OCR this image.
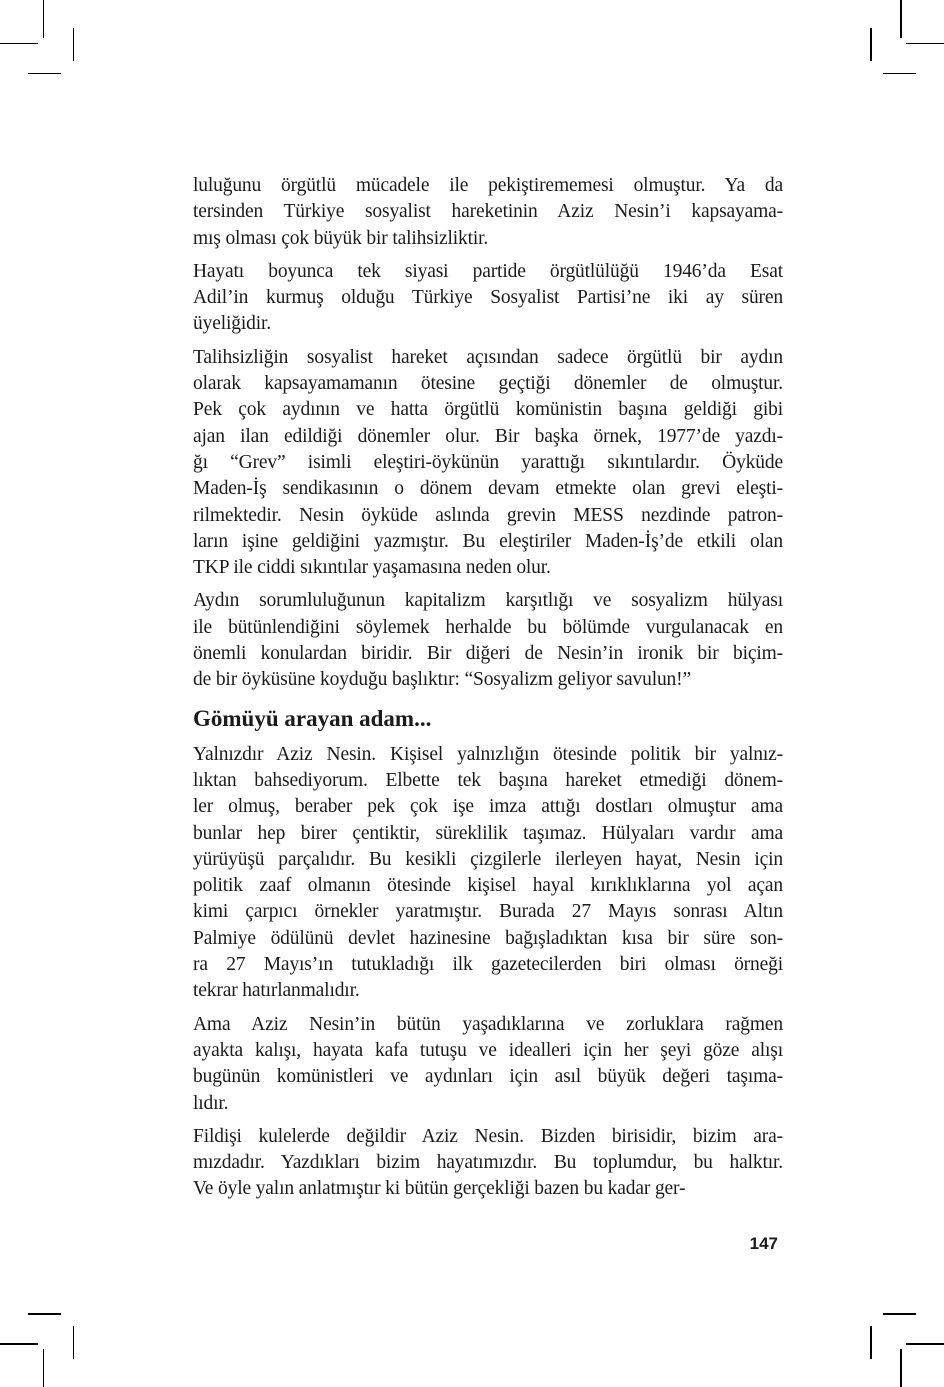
luluğunu örgütlü mücadele ile pekiştirememesi olmuştur. Ya da
tersinden Türkiye sosyalist hareketinin Aziz Nesin’i kapsayama-
mış olması çok büyük bir talihsizliktir.
Hayatı boyunca tek siyasi partide örgütlülüğü 1946’da Esat
Adil’in kurmuş olduğu Türkiye Sosyalist Partisi’ne iki ay süren
üyeliğidir.
Talihsizliğin sosyalist hareket açısından sadece örgütlü bir aydın
olarak kapsayamamanın ötesine geçtiği dönemler de olmuştur.
Pek çok aydının ve hatta örgütlü komünistin başına geldiği gibi
ajan ilan edildiği dönemler olur. Bir başka örnek, 1977’de yazdı-
ğı “Grev” isimli eleştiri-öykünün yarattığı sıkıntılardır. Öyküde
Maden-İş sendikasının o dönem devam etmekte olan grevi eleşti-
rilmektedir. Nesin öyküde aslında grevin MESS nezdinde patron-
ların işine geldiğini yazmıştır. Bu eleştiriler Maden-İş’de etkili olan
TKP ile ciddi sıkıntılar yaşamasına neden olur.
Aydın sorumluluğunun kapitalizm karşıtlığı ve sosyalizm hülyası
ile bütünlendiğini söylemek herhalde bu bölümde vurgulanacak en
önemli konulardan biridir. Bir diğeri de Nesin’in ironik bir biçim-
de bir öyküsüne koyduğu başlıktır: “Sosyalizm geliyor savulun!”
Gömüyü arayan adam...
Yalnızdır Aziz Nesin. Kişisel yalnızlığın ötesinde politik bir yalnız-
lıktan bahsediyorum. Elbette tek başına hareket etmediği dönem-
ler olmuş, beraber pek çok işe imza attığı dostları olmuştur ama
bunlar hep birer çentiktir, süreklilik taşımaz. Hülyaları vardır ama
yürüyüşü parçalıdır. Bu kesikli çizgilerle ilerleyen hayat, Nesin için
politik zaaf olmanın ötesinde kişisel hayal kırıklıklarına yol açan
kimi çarpıcı örnekler yaratmıştır. Burada 27 Mayıs sonrası Altın
Palmiye ödülünü devlet hazinesine bağışladıktan kısa bir süre son-
ra 27 Mayıs’ın tutukladığı ilk gazetecilerden biri olması örneği
tekrar hatırlanmalıdır.
Ama Aziz Nesin’in bütün yaşadıklarına ve zorluklara rağmen
ayakta kalışı, hayata kafa tutuşu ve idealleri için her şeyi göze alışı
bugünün komünistleri ve aydınları için asıl büyük değeri taşıma-
lıdır.
Fildişi kulelerde değildir Aziz Nesin. Bizden birisidir, bizim ara-
mızdadır. Yazdıkları bizim hayatımızdır. Bu toplumdur, bu halktır.
Ve öyle yalın anlatmıştır ki bütün gerçekliği bazen bu kadar ger-
147
